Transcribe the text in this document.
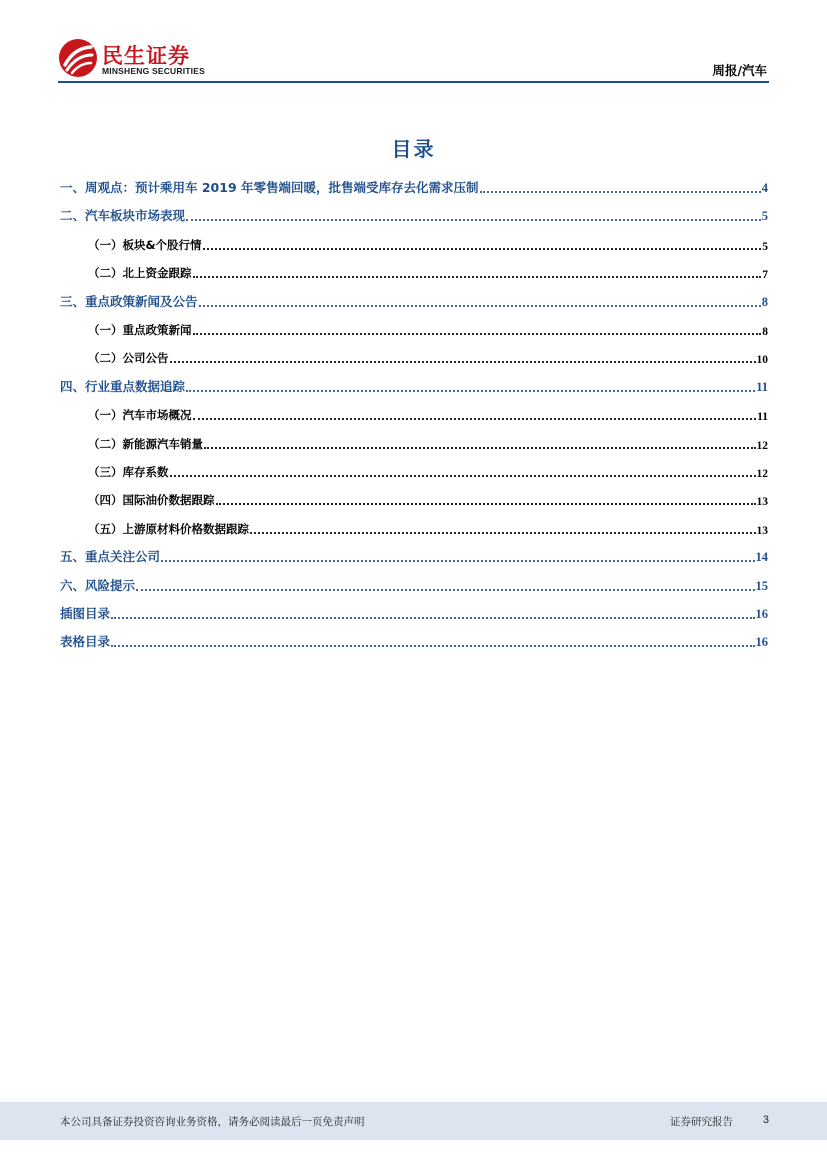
民生证券
MINSHENG SECURITIES	周报/汽车
目录
一、周观点：预计乘用车 2019 年零售端回暖，批售端受库存去化需求压制	4
二、汽车板块市场表现	5
（一）板块&个股行情	5
（二）北上资金跟踪	7
三、重点政策新闻及公告	8
（一）重点政策新闻	8
（二）公司公告	10
四、行业重点数据追踪	11
（一）汽车市场概况	11
（二）新能源汽车销量	12
（三）库存系数	12
（四）国际油价数据跟踪	13
（五）上游原材料价格数据跟踪	13
五、重点关注公司	14
六、风险提示	15
插图目录	16
表格目录	16
本公司具备证券投资咨询业务资格，请务必阅读最后一页免责声明	证券研究报告	3
